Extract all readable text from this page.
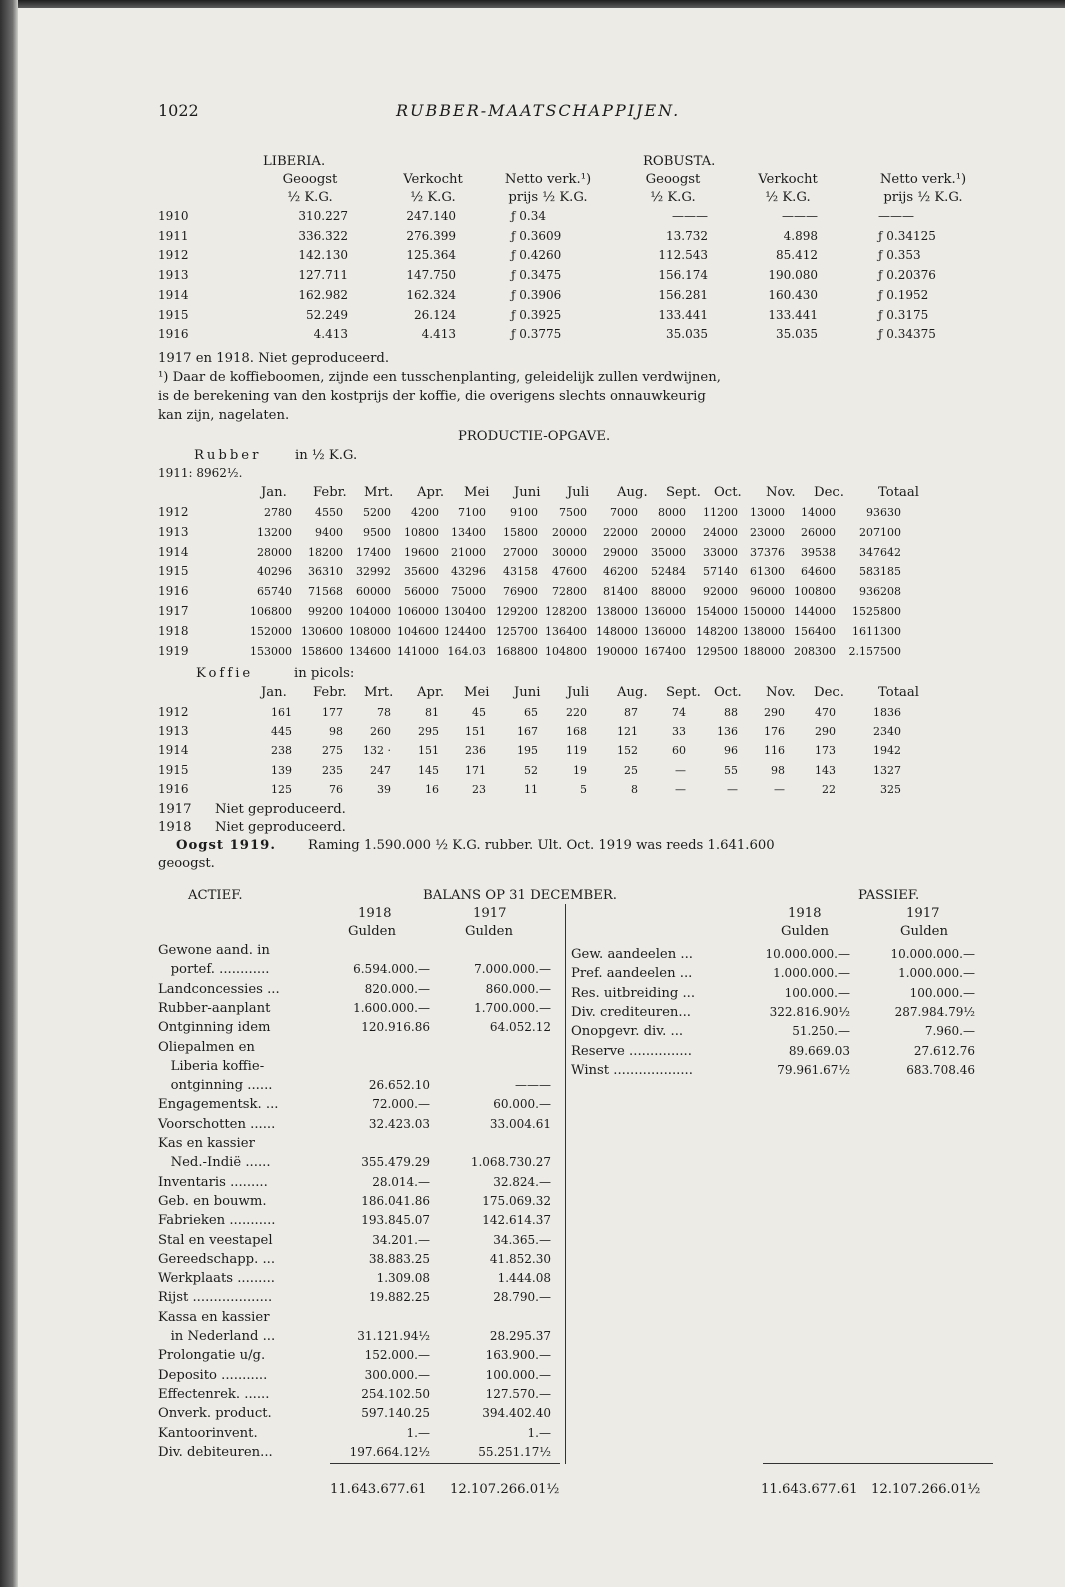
1022	RUBBER-MAATSCHAPPIJEN.
LIBERIA.	ROBUSTA.
Geoogst
½ K.G.
Verkocht
½ K.G.
Netto verk.¹)
prijs ½ K.G.
Geoogst
½ K.G.
Verkocht
½ K.G.
Netto verk.¹)
prijs ½ K.G.
1910	310.227	247.140	ƒ 0.34	———	———	———
1911	336.322	276.399	ƒ 0.3609	13.732	4.898	ƒ 0.34125
1912	142.130	125.364	ƒ 0.4260	112.543	85.412	ƒ 0.353
1913	127.711	147.750	ƒ 0.3475	156.174	190.080	ƒ 0.20376
1914	162.982	162.324	ƒ 0.3906	156.281	160.430	ƒ 0.1952
1915	52.249	26.124	ƒ 0.3925	133.441	133.441	ƒ 0.3175
1916	4.413	4.413	ƒ 0.3775	35.035	35.035	ƒ 0.34375
1917 en 1918. Niet geproduceerd.
¹) Daar de koffieboomen, zijnde een tusschenplanting, geleidelijk zullen verdwijnen,
is de berekening van den kostprijs der koffie, die overigens slechts onnauwkeurig
kan zijn, nagelaten.
PRODUCTIE-OPGAVE.
Rubber	in ½ K.G.
1911: 8962½.
Jan. Febr. Mrt. Apr. Mei Juni Juli Aug. Sept. Oct. Nov. Dec.	Totaal
1912	2780	4550	5200	4200	7100	9100	7500	7000	8000	11200	13000	14000	93630
1913	13200	9400	9500	10800	13400	15800	20000	22000	20000	24000	23000	26000	207100
1914	28000	18200	17400	19600	21000	27000	30000	29000	35000	33000	37376	39538	347642
1915	40296	36310	32992	35600	43296	43158	47600	46200	52484	57140	61300	64600	583185
1916	65740	71568	60000	56000	75000	76900	72800	81400	88000	92000	96000 100800	936208
1917	106800	99200 104000 106000 130400 129200 128200 138000 136000 154000 150000 144000	1525800
1918	152000 130600 108000 104600 124400 125700 136400 148000 136000 148200 138000 156400	1611300
1919	153000 158600 134600 141000 164.03 168800 104800 190000 167400 129500 188000 208300	2.157500
Koffie	in picols:
Jan. Febr. Mrt. Apr. Mei Juni Juli Aug. Sept. Oct. Nov. Dec.	Totaal
1912	161	177	78	81	45	65	220	87	74	88	290	470	1836
1913	445	98	260	295	151	167	168	121	33	136	176	290	2340
1914	238	275	132 ·	151	236	195	119	152	60	96	116	173	1942
1915	139	235	247	145	171	52	19	25	—	55	98	143	1327
1916	125	76	39	16	23	11	5	8	—	—	—	22	325
1917 Niet geproduceerd.
1918 Niet geproduceerd.
Oogst 1919. Raming 1.590.000 ½ K.G. rubber. Ult. Oct. 1919 was reeds 1.641.600
geoogst.
ACTIEF.	BALANS OP 31 DECEMBER.	PASSIEF.
1918	1917
Gulden	Gulden
1918	1917
Gulden	Gulden
Gewone aand. in
portef. ............	6.594.000.—	7.000.000.—
Landconcessies ...	820.000.—	860.000.—
Rubber-aanplant	1.600.000.—	1.700.000.—
Ontginning idem	120.916.86	64.052.12
Oliepalmen en
Liberia koffie-
ontginning ......	26.652.10	———
Engagementsk. ...	72.000.—	60.000.—
Voorschotten ......	32.423.03	33.004.61
Kas en kassier
Ned.-Indië ......	355.479.29	1.068.730.27
Inventaris .........	28.014.—	32.824.—
Geb. en bouwm.	186.041.86	175.069.32
Fabrieken ...........	193.845.07	142.614.37
Stal en veestapel	34.201.—	34.365.—
Gereedschapp. ...	38.883.25	41.852.30
Werkplaats .........	1.309.08	1.444.08
Rijst ...................	19.882.25	28.790.—
Kassa en kassier
in Nederland ...	31.121.94½	28.295.37
Prolongatie u/g.	152.000.—	163.900.—
Deposito ...........	300.000.—	100.000.—
Effectenrek. ......	254.102.50	127.570.—
Onverk. product.	597.140.25	394.402.40
Kantoorinvent.	1.—	1.—
Div. debiteuren...	197.664.12½	55.251.17½
Gew. aandeelen ...	10.000.000.—	10.000.000.—
Pref. aandeelen ...	1.000.000.—	1.000.000.—
Res. uitbreiding ...	100.000.—	100.000.—
Div. crediteuren...	322.816.90½	287.984.79½
Onopgevr. div. ...	51.250.—	7.960.—
Reserve ...............	89.669.03	27.612.76
Winst ...................	79.961.67½	683.708.46
11.643.677.61 12.107.266.01½	11.643.677.61 12.107.266.01½
